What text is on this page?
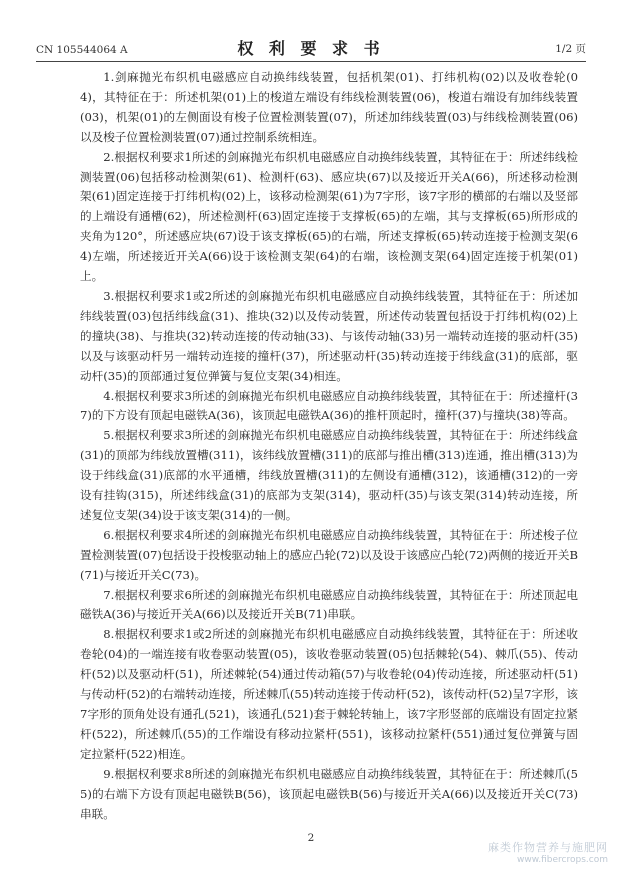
CN 105544064 A	权 利 要 求 书	1/2 页

1.剑麻抛光布织机电磁感应自动换纬线装置，包括机架(01)、打纬机构(02)以及收卷轮(04)，其特征在于：所述机架(01)上的梭道左端设有纬线检测装置(06)，梭道右端设有加纬线装置(03)，机架(01)的左侧面设有梭子位置检测装置(07)，所述加纬线装置(03)与纬线检测装置(06)以及梭子位置检测装置(07)通过控制系统相连。

2.根据权利要求1所述的剑麻抛光布织机电磁感应自动换纬线装置，其特征在于：所述纬线检测装置(06)包括移动检测架(61)、检测杆(63)、感应块(67)以及接近开关A(66)，所述移动检测架(61)固定连接于打纬机构(02)上，该移动检测架(61)为7字形，该7字形的横部的右端以及竖部的上端设有通槽(62)，所述检测杆(63)固定连接于支撑板(65)的左端，其与支撑板(65)所形成的夹角为120°，所述感应块(67)设于该支撑板(65)的右端，所述支撑板(65)转动连接于检测支架(64)左端，所述接近开关A(66)设于该检测支架(64)的右端，该检测支架(64)固定连接于机架(01)上。

3.根据权利要求1或2所述的剑麻抛光布织机电磁感应自动换纬线装置，其特征在于：所述加纬线装置(03)包括纬线盒(31)、推块(32)以及传动装置，所述传动装置包括设于打纬机构(02)上的撞块(38)、与推块(32)转动连接的传动轴(33)、与该传动轴(33)另一端转动连接的驱动杆(35)以及与该驱动杆另一端转动连接的撞杆(37)，所述驱动杆(35)转动连接于纬线盒(31)的底部，驱动杆(35)的顶部通过复位弹簧与复位支架(34)相连。

4.根据权利要求3所述的剑麻抛光布织机电磁感应自动换纬线装置，其特征在于：所述撞杆(37)的下方设有顶起电磁铁A(36)，该顶起电磁铁A(36)的推杆顶起时，撞杆(37)与撞块(38)等高。

5.根据权利要求3所述的剑麻抛光布织机电磁感应自动换纬线装置，其特征在于：所述纬线盒(31)的顶部为纬线放置槽(311)，该纬线放置槽(311)的底部与推出槽(313)连通，推出槽(313)为设于纬线盒(31)底部的水平通槽，纬线放置槽(311)的左侧设有通槽(312)，该通槽(312)的一旁设有挂钩(315)，所述纬线盒(31)的底部为支架(314)，驱动杆(35)与该支架(314)转动连接，所述复位支架(34)设于该支架(314)的一侧。

6.根据权利要求4所述的剑麻抛光布织机电磁感应自动换纬线装置，其特征在于：所述梭子位置检测装置(07)包括设于投梭驱动轴上的感应凸轮(72)以及设于该感应凸轮(72)两侧的接近开关B(71)与接近开关C(73)。

7.根据权利要求6所述的剑麻抛光布织机电磁感应自动换纬线装置，其特征在于：所述顶起电磁铁A(36)与接近开关A(66)以及接近开关B(71)串联。

8.根据权利要求1或2所述的剑麻抛光布织机电磁感应自动换纬线装置，其特征在于：所述收卷轮(04)的一端连接有收卷驱动装置(05)，该收卷驱动装置(05)包括棘轮(54)、棘爪(55)、传动杆(52)以及驱动杆(51)，所述棘轮(54)通过传动箱(57)与收卷轮(04)传动连接，所述驱动杆(51)与传动杆(52)的右端转动连接，所述棘爪(55)转动连接于传动杆(52)，该传动杆(52)呈7字形，该7字形的顶角处设有通孔(521)，该通孔(521)套于棘轮转轴上，该7字形竖部的底端设有固定拉紧杆(522)，所述棘爪(55)的工作端设有移动拉紧杆(551)，该移动拉紧杆(551)通过复位弹簧与固定拉紧杆(522)相连。

9.根据权利要求8所述的剑麻抛光布织机电磁感应自动换纬线装置，其特征在于：所述棘爪(55)的右端下方设有顶起电磁铁B(56)，该顶起电磁铁B(56)与接近开关A(66)以及接近开关C(73)串联。

2
麻类作物营养与施肥网
www.fibercrops.com
